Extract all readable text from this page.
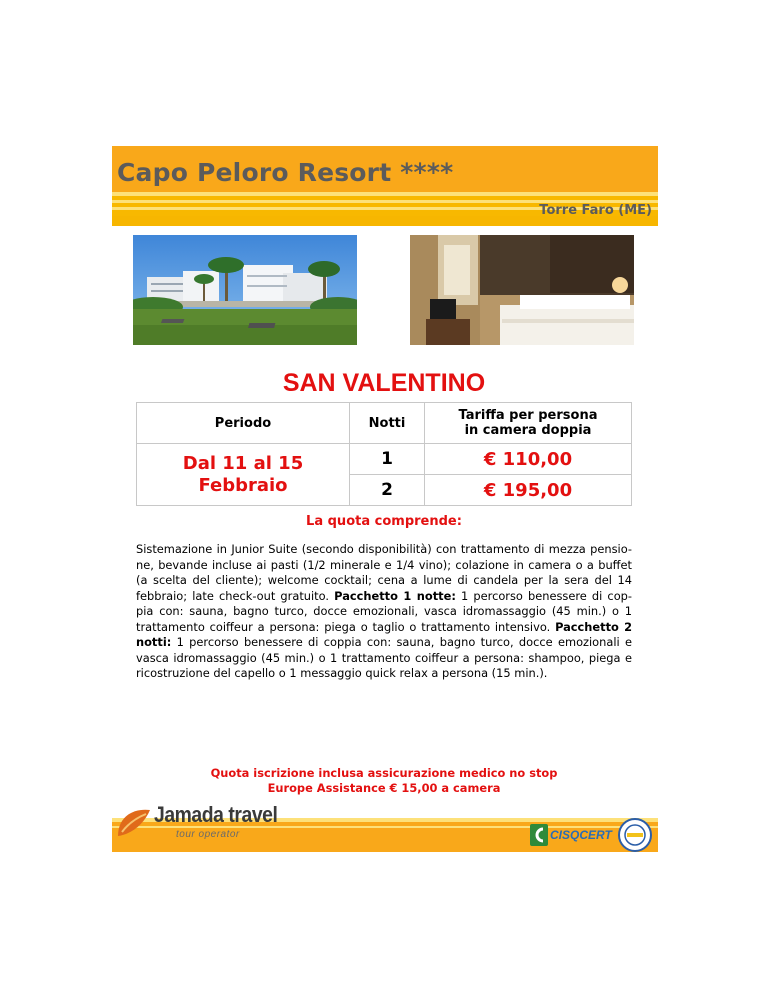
Capo Peloro Resort ****
Torre Faro (ME)
SAN VALENTINO
Periodo	Notti	Tariffa per persona
in camera doppia

Dal 11 al 15
Febbraio	1	€ 110,00
	2	€ 195,00
La quota comprende:

Sistemazione in Junior Suite (secondo disponibilità) con trattamento di mezza pensio-ne, bevande incluse ai pasti (1/2 minerale e 1/4 vino); colazione in camera o a buffet (a scelta del cliente); welcome cocktail; cena a lume di candela per la sera del 14 febbraio; late check-out gratuito. Pacchetto 1 notte: 1 percorso benessere di cop-pia con: sauna, bagno turco, docce emozionali, vasca idromassaggio (45 min.) o 1 trattamento coiffeur a persona: piega o taglio o trattamento intensivo. Pacchetto 2 notti: 1 percorso benessere di coppia con: sauna, bagno turco, docce emozionali e vasca idromassaggio (45 min.) o 1 trattamento coiffeur a persona: shampoo, piega e ricostruzione del capello o 1 messaggio quick relax a persona (15 min.).

Quota iscrizione inclusa assicurazione medico no stop
Europe Assistance € 15,00 a camera
Jamada travel
tour operator	CISQCERT
